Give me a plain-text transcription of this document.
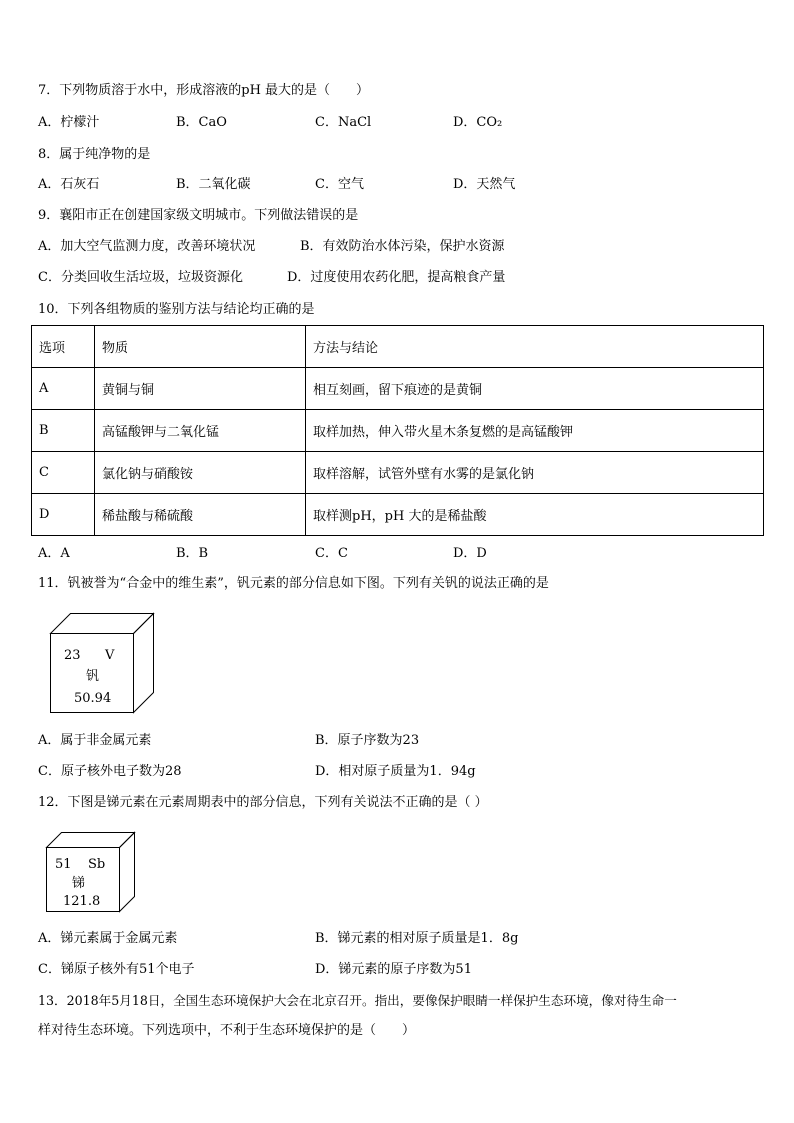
7．下列物质溶于水中，形成溶液的pH 最大的是（　　）
A．柠檬汁	B．CaO	C．NaCl	D．CO₂
8．属于纯净物的是
A．石灰石	B．二氧化碳	C．空气	D．天然气
9．襄阳市正在创建国家级文明城市。下列做法错误的是
A．加大空气监测力度，改善环境状况	B．有效防治水体污染，保护水资源
C．分类回收生活垃圾，垃圾资源化	D．过度使用农药化肥，提高粮食产量
10．下列各组物质的鉴别方法与结论均正确的是
选项	物质	方法与结论
A	黄铜与铜	相互刻画，留下痕迹的是黄铜
B	高锰酸钾与二氧化锰	取样加热，伸入带火星木条复燃的是高锰酸钾
C	氯化钠与硝酸铵	取样溶解，试管外壁有水雾的是氯化钠
D	稀盐酸与稀硫酸	取样测pH，pH 大的是稀盐酸
A．A	B．B	C．C	D．D
11．钒被誉为“合金中的维生素”，钒元素的部分信息如下图。下列有关钒的说法正确的是
23 V
钒
50.94
A．属于非金属元素	B．原子序数为23
C．原子核外电子数为28	D．相对原子质量为1．94g
12．下图是锑元素在元素周期表中的部分信息，下列有关说法不正确的是（ ）
51 Sb
锑
121.8
A．锑元素属于金属元素	B．锑元素的相对原子质量是1．8g
C．锑原子核外有51个电子	D．锑元素的原子序数为51
13．2018年5月18日，全国生态环境保护大会在北京召开。指出，要像保护眼睛一样保护生态环境，像对待生命一
样对待生态环境。下列选项中，不利于生态环境保护的是（　　）
